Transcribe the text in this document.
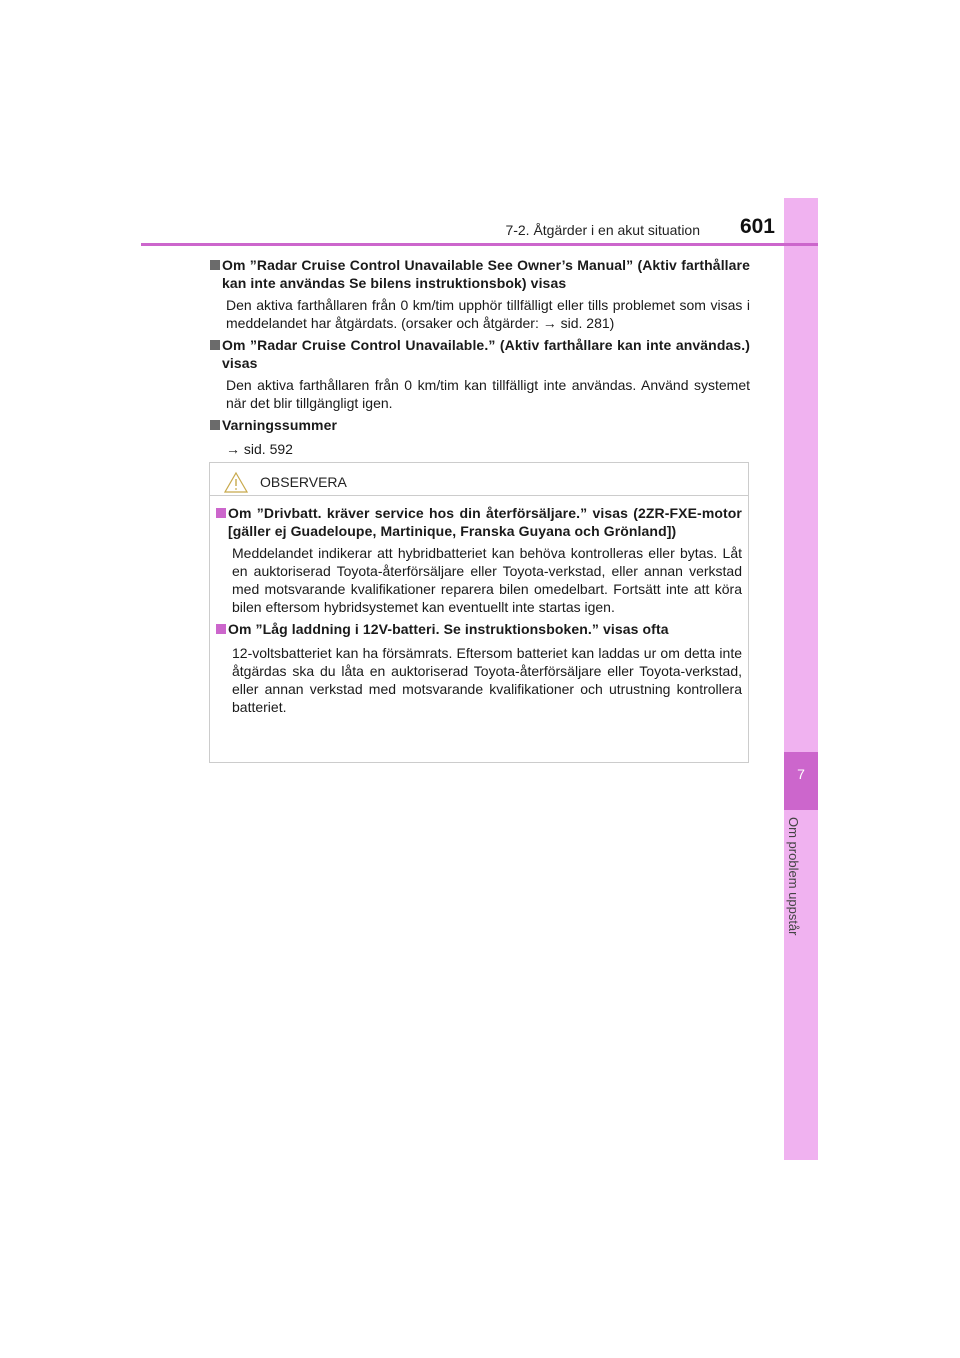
7
Om problem uppstår
7-2. Åtgärder i en akut situation	601
Om ”Radar Cruise Control Unavailable See Owner’s Manual” (Aktiv farthållare kan inte användas Se bilens instruktionsbok) visas
Den aktiva farthållaren från 0 km/tim upphör tillfälligt eller tills problemet som visas i meddelandet har åtgärdats. (orsaker och åtgärder: → sid. 281)
Om ”Radar Cruise Control Unavailable.” (Aktiv farthållare kan inte användas.) visas
Den aktiva farthållaren från 0 km/tim kan tillfälligt inte användas. Använd systemet när det blir tillgängligt igen.
Varningssummer
→ sid. 592
OBSERVERA
Om ”Drivbatt. kräver service hos din återförsäljare.” visas (2ZR-FXE-motor [gäller ej Guadeloupe, Martinique, Franska Guyana och Grönland])
Meddelandet indikerar att hybridbatteriet kan behöva kontrolleras eller bytas. Låt en auktoriserad Toyota-återförsäljare eller Toyota-verkstad, eller annan verkstad med motsvarande kvalifikationer reparera bilen omedelbart. Fortsätt inte att köra bilen eftersom hybridsystemet kan eventuellt inte startas igen.
Om ”Låg laddning i 12V-batteri. Se instruktionsboken.” visas ofta
12-voltsbatteriet kan ha försämrats. Eftersom batteriet kan laddas ur om detta inte åtgärdas ska du låta en auktoriserad Toyota-återförsäljare eller Toyota-verkstad, eller annan verkstad med motsvarande kvalifikationer och utrustning kontrollera batteriet.
